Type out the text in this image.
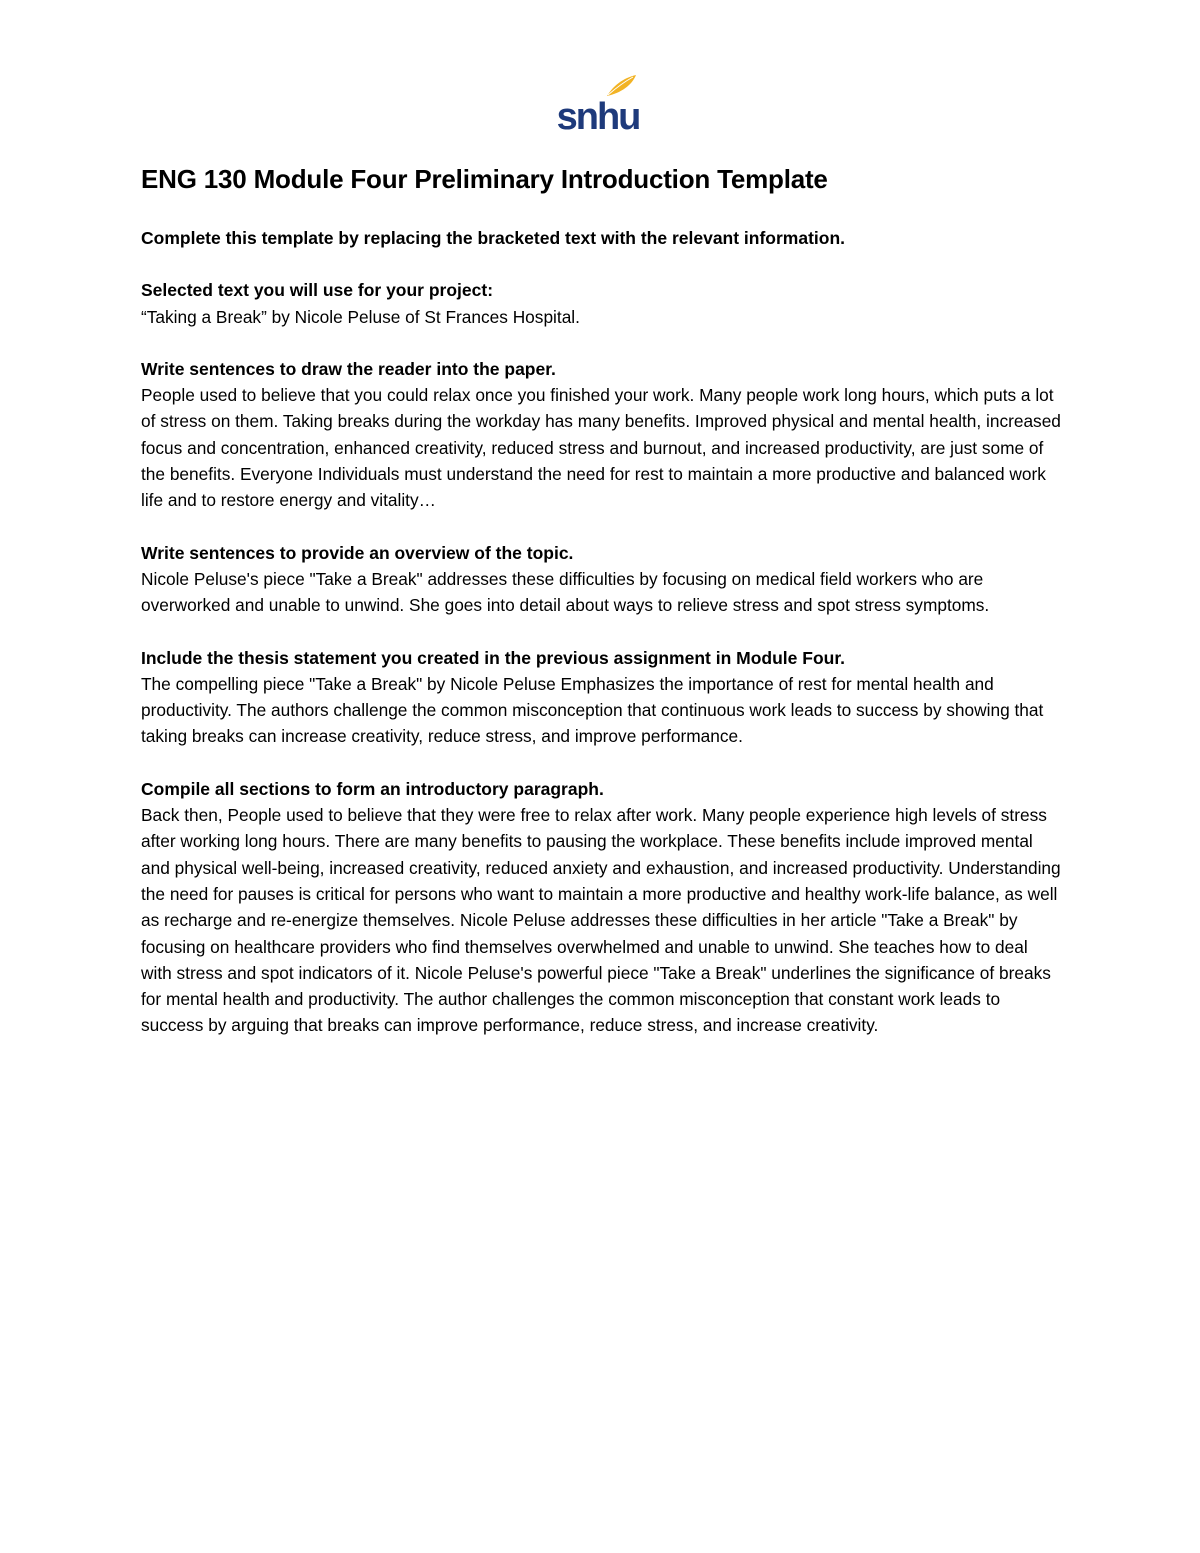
snhu
ENG 130 Module Four Preliminary Introduction Template

Complete this template by replacing the bracketed text with the relevant information.

Selected text you will use for your project:

“Taking a Break” by Nicole Peluse of St Frances Hospital.

Write sentences to draw the reader into the paper.

People used to believe that you could relax once you finished your work. Many people work long hours, which puts a lot of stress on them. Taking breaks during the workday has many benefits. Improved physical and mental health, increased focus and concentration, enhanced creativity, reduced stress and burnout, and increased productivity, are just some of the benefits. Everyone Individuals must understand the need for rest to maintain a more productive and balanced work life and to restore energy and vitality…

Write sentences to provide an overview of the topic.

Nicole Peluse's piece "Take a Break" addresses these difficulties by focusing on medical field workers who are overworked and unable to unwind. She goes into detail about ways to relieve stress and spot stress symptoms.

Include the thesis statement you created in the previous assignment in Module Four.

The compelling piece "Take a Break" by Nicole Peluse Emphasizes the importance of rest for mental health and productivity. The authors challenge the common misconception that continuous work leads to success by showing that taking breaks can increase creativity, reduce stress, and improve performance.

Compile all sections to form an introductory paragraph.

Back then, People used to believe that they were free to relax after work. Many people experience high levels of stress after working long hours. There are many benefits to pausing the workplace. These benefits include improved mental and physical well-being, increased creativity, reduced anxiety and exhaustion, and increased productivity. Understanding the need for pauses is critical for persons who want to maintain a more productive and healthy work-life balance, as well as recharge and re-energize themselves. Nicole Peluse addresses these difficulties in her article "Take a Break" by focusing on healthcare providers who find themselves overwhelmed and unable to unwind. She teaches how to deal with stress and spot indicators of it. Nicole Peluse's powerful piece "Take a Break" underlines the significance of breaks for mental health and productivity. The author challenges the common misconception that constant work leads to success by arguing that breaks can improve performance, reduce stress, and increase creativity.
